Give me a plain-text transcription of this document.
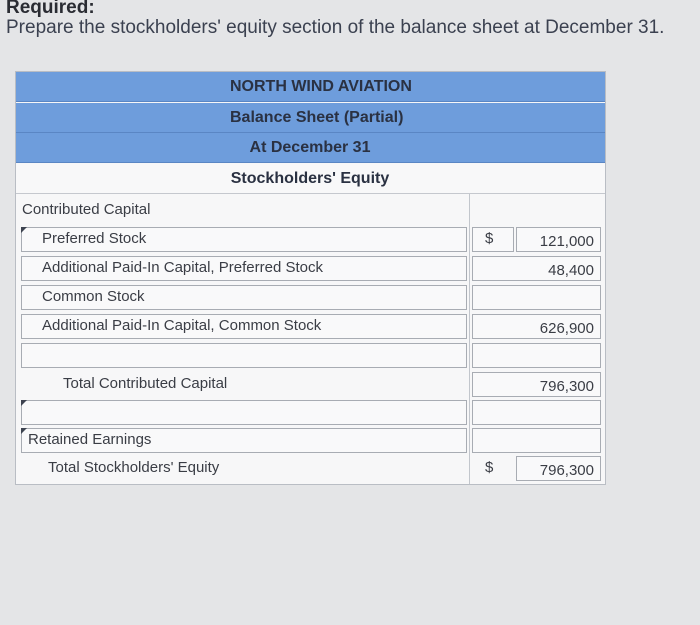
Required:
Prepare the stockholders' equity section of the balance sheet at December 31.
NORTH WIND AVIATION
Balance Sheet (Partial)
At December 31
Stockholders' Equity
Contributed Capital
Preferred Stock	$	121,000
Additional Paid-In Capital, Preferred Stock	48,400
Common Stock
Additional Paid-In Capital, Common Stock	626,900
Total Contributed Capital	796,300
Retained Earnings
Total Stockholders' Equity	$	796,300
